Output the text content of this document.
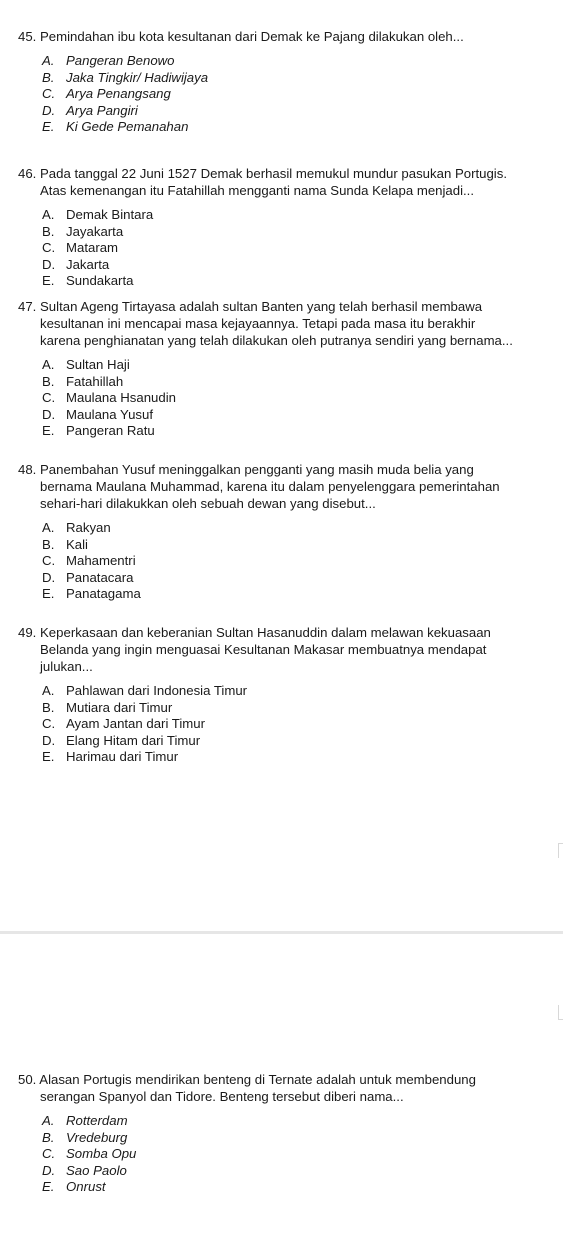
45. Pemindahan ibu kota kesultanan dari Demak ke Pajang dilakukan oleh...
A. Pangeran Benowo
B. Jaka Tingkir/ Hadiwijaya
C. Arya Penangsang
D. Arya Pangiri
E. Ki Gede Pemanahan
46. Pada tanggal 22 Juni 1527 Demak berhasil memukul mundur pasukan Portugis.
Atas kemenangan itu Fatahillah mengganti nama Sunda Kelapa menjadi...
A. Demak Bintara
B. Jayakarta
C. Mataram
D. Jakarta
E. Sundakarta
47. Sultan Ageng Tirtayasa adalah sultan Banten yang telah berhasil membawa
kesultanan ini mencapai masa kejayaannya. Tetapi pada masa itu berakhir
karena penghianatan yang telah dilakukan oleh putranya sendiri yang bernama...
A. Sultan Haji
B. Fatahillah
C. Maulana Hsanudin
D. Maulana Yusuf
E. Pangeran Ratu
48. Panembahan Yusuf meninggalkan pengganti yang masih muda belia yang
bernama Maulana Muhammad, karena itu dalam penyelenggara pemerintahan
sehari-hari dilakukkan oleh sebuah dewan yang disebut...
A. Rakyan
B. Kali
C. Mahamentri
D. Panatacara
E. Panatagama
49. Keperkasaan dan keberanian Sultan Hasanuddin dalam melawan kekuasaan
Belanda yang ingin menguasai Kesultanan Makasar membuatnya mendapat
julukan...
A. Pahlawan dari Indonesia Timur
B. Mutiara dari Timur
C. Ayam Jantan dari Timur
D. Elang Hitam dari Timur
E. Harimau dari Timur
50. Alasan Portugis mendirikan benteng di Ternate adalah untuk membendung
serangan Spanyol dan Tidore. Benteng tersebut diberi nama...
A. Rotterdam
B. Vredeburg
C. Somba Opu
D. Sao Paolo
E. Onrust
